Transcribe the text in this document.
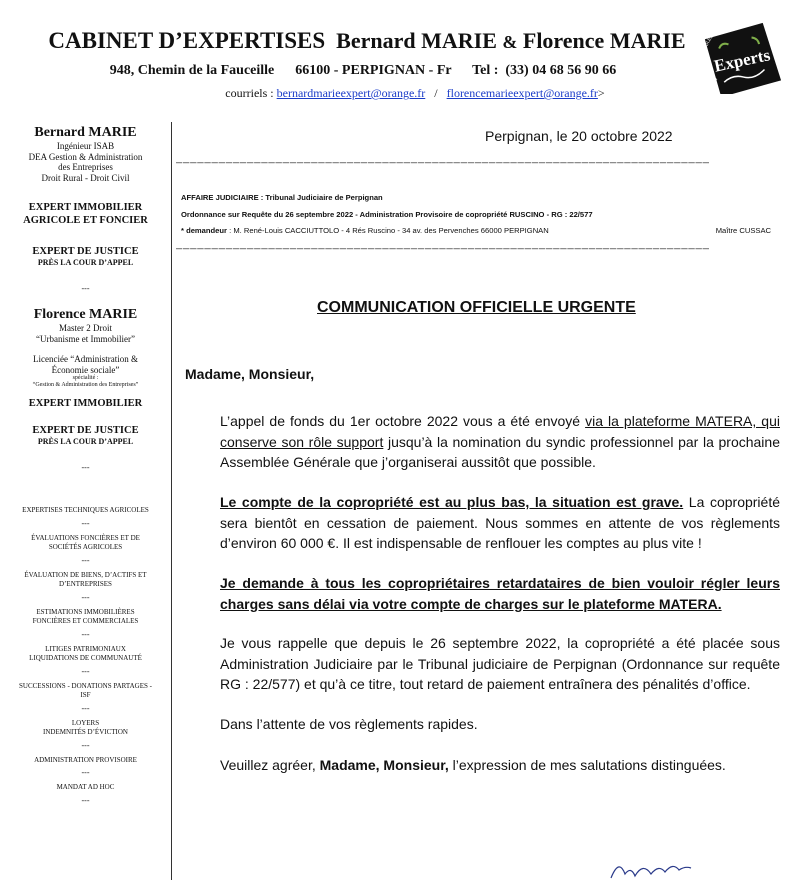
CABINET D’EXPERTISES Bernard MARIE & Florence MARIE
948, Chemin de la Fauceille      66100 - PERPIGNAN - Fr      Tel :  (33) 04 68 56 90 66
courriels : bernardmarieexpert@orange.fr   /   florencemarieexpert@orange.fr>
Experts
EXPERTS AGRICOLES ET FONCIERS

Bernard MARIE

Ingénieur ISAB

DEA Gestion & Administration

des Entreprises

Droit Rural - Droit Civil

EXPERT IMMOBILIER

AGRICOLE ET FONCIER

EXPERT DE JUSTICE

PRÈS LA COUR D’APPEL

---

Florence MARIE

Master 2 Droit

“Urbanisme et Immobilier”

Licenciée “Administration &

Économie sociale”

spécialité :

“Gestion & Administration des Entreprises”

EXPERT IMMOBILIER

EXPERT DE JUSTICE

PRÈS LA COUR D’APPEL

---

EXPERTISES TECHNIQUES AGRICOLES

---

ÉVALUATIONS FONCIÈRES ET DE

SOCIÉTÉS AGRICOLES

---

ÉVALUATION DE BIENS, D’ACTIFS ET

D’ENTREPRISES

---

ESTIMATIONS IMMOBILIÈRES

FONCIÈRES ET COMMERCIALES

---

LITIGES PATRIMONIAUX

LIQUIDATIONS DE COMMUNAUTÉ

---

SUCCESSIONS - DONATIONS PARTAGES -

ISF

---

LOYERS

INDEMNITÉS D’ÉVICTION

---

ADMINISTRATION PROVISOIRE

---

MANDAT AD HOC

---

Perpignan, le 20 octobre 2022
___________________________________________________________________________
AFFAIRE JUDICIAIRE : Tribunal Judiciaire de Perpignan
Ordonnance sur Requête du 26 septembre 2022 - Administration Provisoire de copropriété RUSCINO - RG : 22/577
* demandeur : M. René-Louis CACCIUTTOLO - 4 Rés Ruscino - 34 av. des Pervenches 66000 PERPIGNAN	Maître CUSSAC
___________________________________________________________________________
COMMUNICATION OFFICIELLE URGENTE
Madame, Monsieur,
L’appel de fonds du 1er octobre 2022 vous a été envoyé via la plateforme MATERA, qui conserve son rôle support jusqu’à la nomination du syndic professionnel par la prochaine Assemblée Générale que j’organiserai aussitôt que possible.
Le compte de la copropriété est au plus bas, la situation est grave. La copropriété sera bientôt en cessation de paiement. Nous sommes en attente de vos règlements d’environ 60 000 €. Il est indispensable de renflouer les comptes au plus vite !
Je demande à tous les copropriétaires retardataires de bien vouloir régler leurs charges sans délai via votre compte de charges sur le plateforme MATERA.
Je vous rappelle que depuis le 26 septembre 2022, la copropriété a été placée sous Administration Judiciaire par le Tribunal judiciaire de Perpignan (Ordonnance sur requête RG : 22/577) et qu’à ce titre, tout retard de paiement entraînera des pénalités d’office.
Dans l’attente de vos règlements rapides.
Veuillez agréer, Madame, Monsieur, l’expression de mes salutations distinguées.
